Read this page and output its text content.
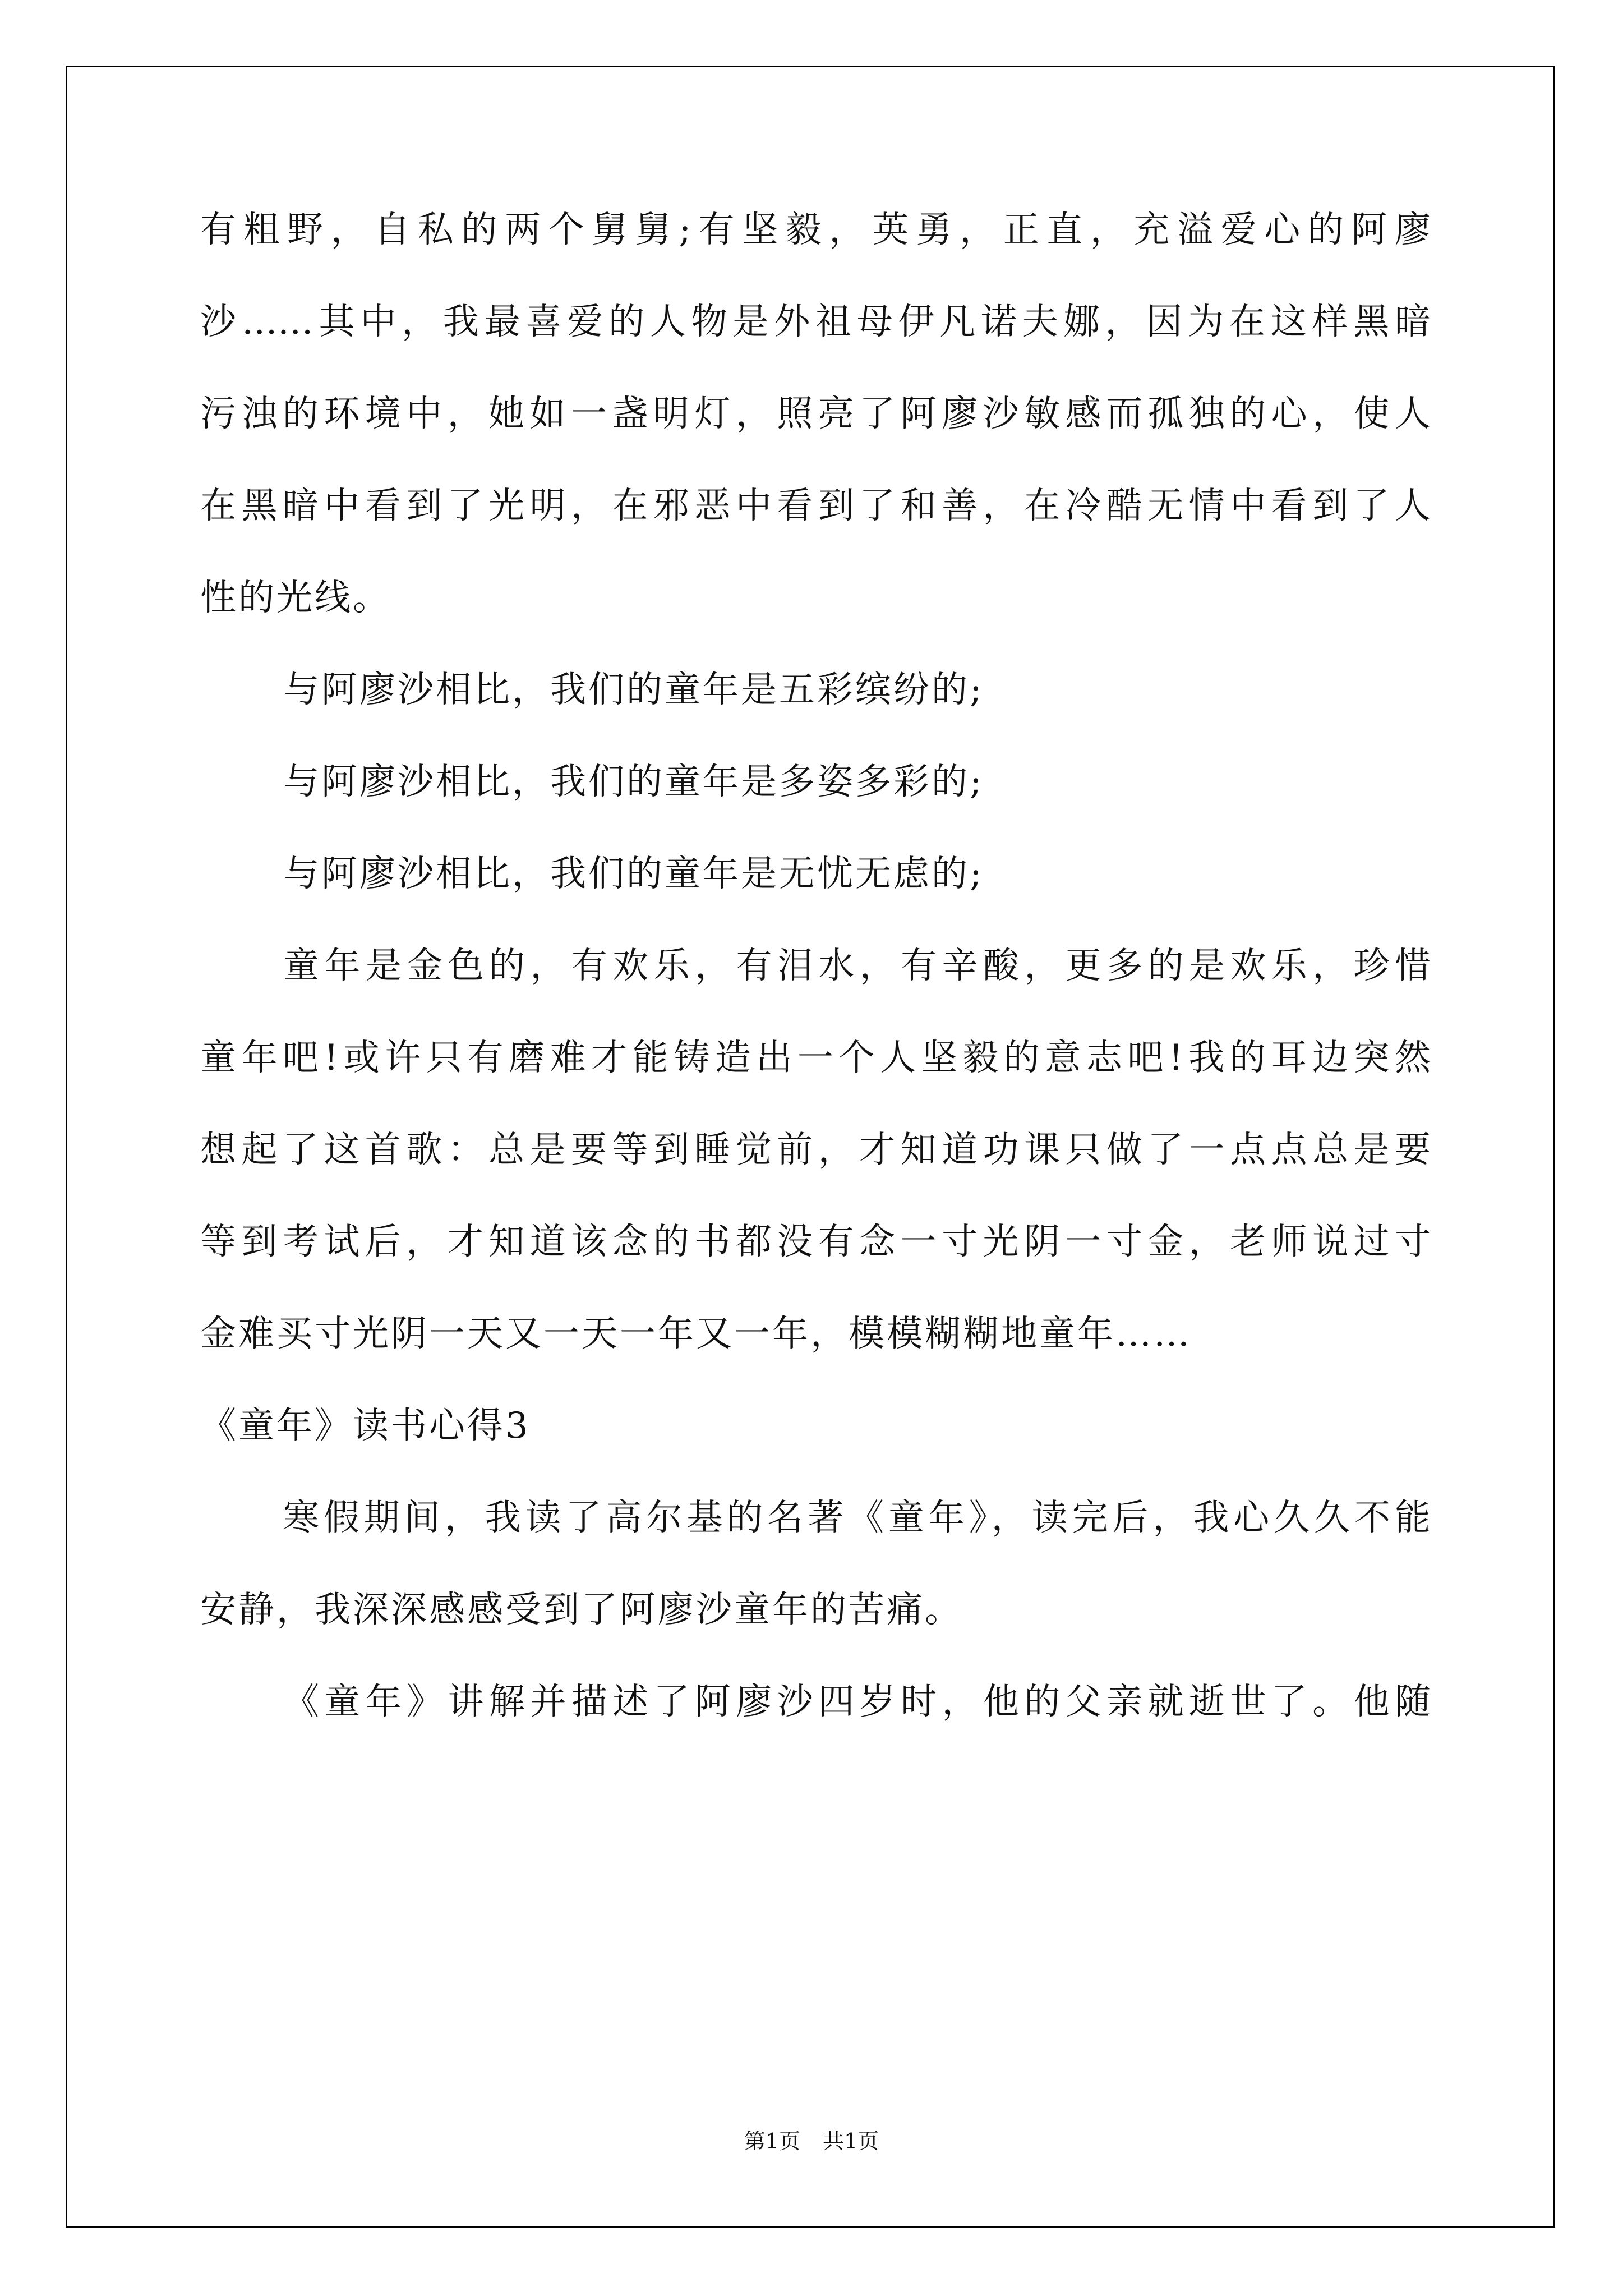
有粗野，自私的两个舅舅;有坚毅，英勇，正直，充溢爱心的阿廖
沙……其中，我最喜爱的人物是外祖母伊凡诺夫娜，因为在这样黑暗
污浊的环境中，她如一盏明灯，照亮了阿廖沙敏感而孤独的心，使人
在黑暗中看到了光明，在邪恶中看到了和善，在冷酷无情中看到了人
性的光线。
与阿廖沙相比，我们的童年是五彩缤纷的;
与阿廖沙相比，我们的童年是多姿多彩的;
与阿廖沙相比，我们的童年是无忧无虑的;
童年是金色的，有欢乐，有泪水，有辛酸，更多的是欢乐，珍惜
童年吧!或许只有磨难才能铸造出一个人坚毅的意志吧!我的耳边突然
想起了这首歌：总是要等到睡觉前，才知道功课只做了一点点总是要
等到考试后，才知道该念的书都没有念一寸光阴一寸金，老师说过寸
金难买寸光阴一天又一天一年又一年，模模糊糊地童年……
《童年》读书心得3
寒假期间，我读了高尔基的名著《童年》，读完后，我心久久不能
安静，我深深感感受到了阿廖沙童年的苦痛。
《童年》讲解并描述了阿廖沙四岁时，他的父亲就逝世了。他随
第1页 共1页
